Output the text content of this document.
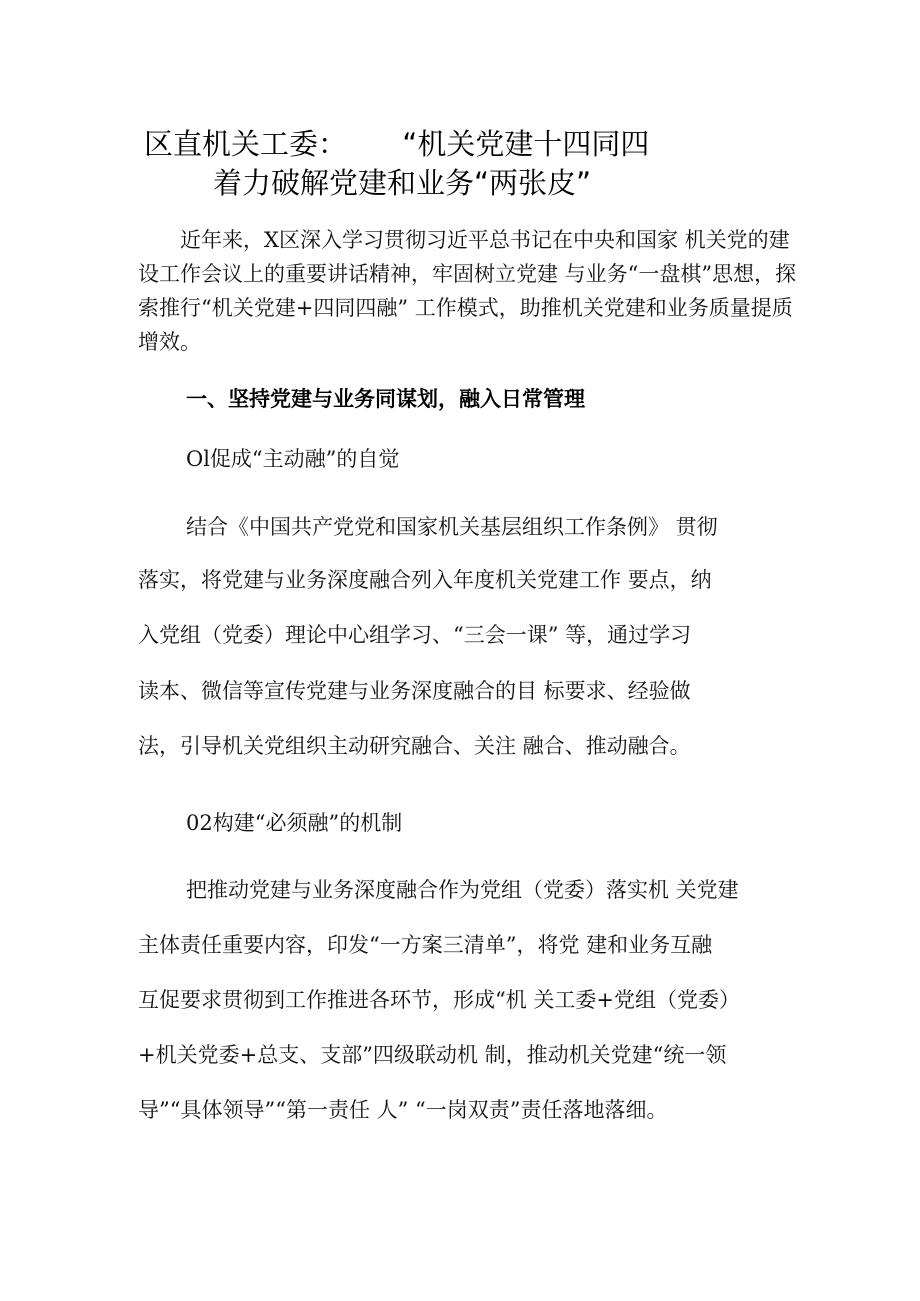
区直机关工委：      “机关党建十四同四
着力破解党建和业务“两张皮”
近年来，X区深入学习贯彻习近平总书记在中央和国家 机关党的建设工作会议上的重要讲话精神，牢固树立党建 与业务“一盘棋”思想，探索推行“机关党建+四同四融” 工作模式，助推机关党建和业务质量提质增效。
一、坚持党建与业务同谋划，融入日常管理
Ol促成“主动融”的自觉
结合《中国共产党党和国家机关基层组织工作条例》 贯彻
落实，将党建与业务深度融合列入年度机关党建工作 要点，纳
入党组（党委）理论中心组学习、“三会一课” 等，通过学习
读本、微信等宣传党建与业务深度融合的目 标要求、经验做
法，引导机关党组织主动研究融合、关注 融合、推动融合。
02构建“必须融”的机制
把推动党建与业务深度融合作为党组（党委）落实机 关党建
主体责任重要内容，印发“一方案三清单”，将党 建和业务互融
互促要求贯彻到工作推进各环节，形成“机 关工委+党组（党委）
+机关党委+总支、支部”四级联动机 制，推动机关党建“统一领
导”“具体领导”“第一责任 人” “一岗双责”责任落地落细。
